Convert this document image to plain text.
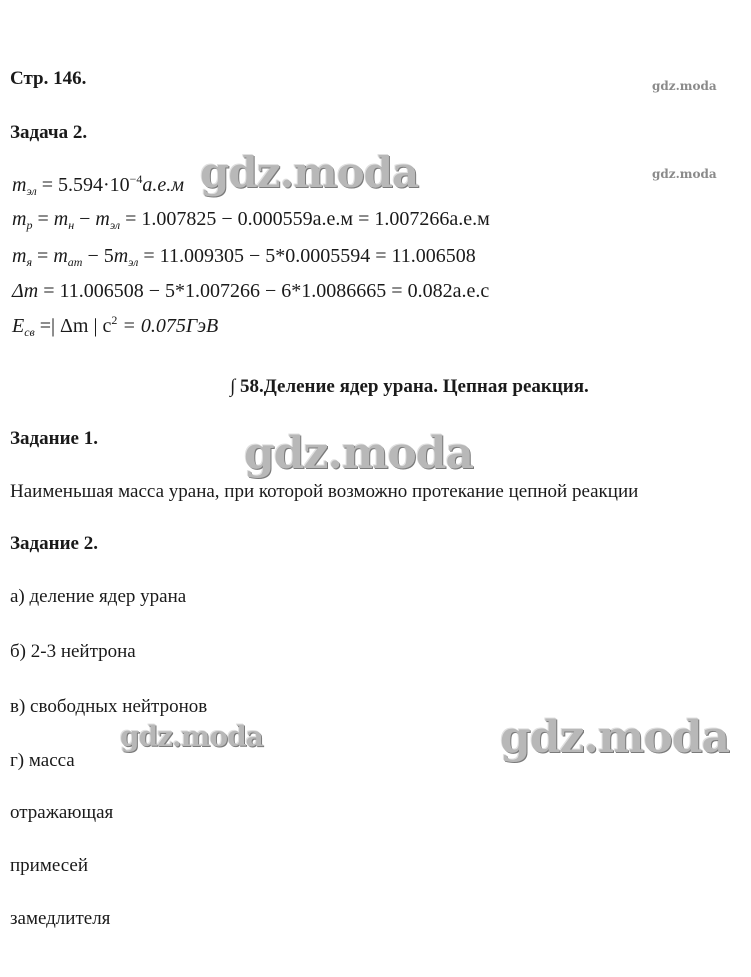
gdz.moda
gdz.moda
Стр. 146.
Задача 2.
$m_{эл} = 5.594\cdot 10^{-4}а.е.м$
$m_p = m_н - m_{эл} = 1.007825 - 0.000559а.е.м = 1.007266а.е.м$
$m_я = m_{ат} - 5m_{эл} = 11.009305 - 5*0.0005594 = 11.006508$
Δm = 11.006508 − 5*1.007266 − 6*1.0086665 = 0.082а.е.с
$E_{св}$ =| Δm | $c^2 = 0.075ГэВ$
gdz.moda
∫ 58.Деление ядер урана. Цепная реакция.
Задание 1.	gdz.moda
Наименьшая масса урана, при которой возможно протекание цепной реакции
Задание 2.
а) деление ядер урана
б) 2-3 нейтрона
в) свободных нейтронов
gdz.moda	gdz.moda
г) масса
отражающая
примесей
замедлителя
